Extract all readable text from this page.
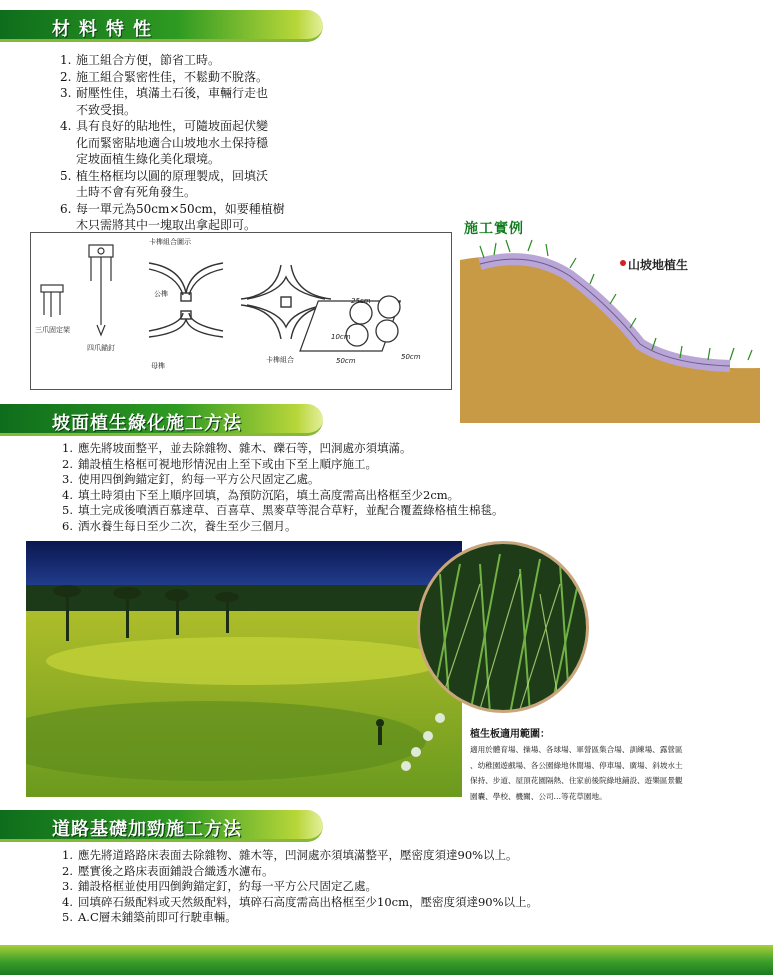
材料特性
1. 施工組合方便，節省工時。
2. 施工組合緊密性佳，不鬆動不脫落。
3. 耐壓性佳，填滿土石後，車輛行走也
不致受損。
4. 具有良好的貼地性，可隨坡面起伏變
化而緊密貼地適合山坡地水土保持穩
定坡面植生綠化美化環境。
5. 植生格框均以圓的原理製成，回填沃
土時不會有死角發生。
6. 每一單元為50cm×50cm，如要種植樹
木只需將其中一塊取出拿起即可。
卡榫組合圖示
三爪固定架
四爪錨釘
公榫
母榫
卡榫組合
25cm
10cm
50cm	50cm
施工實例
山坡地植生
坡面植生綠化施工方法
1. 應先將坡面整平，並去除雜物、雜木、礫石等，凹洞處亦須填滿。
2. 鋪設植生格框可視地形情況由上至下或由下至上順序施工。
3. 使用四倒鉤錨定釘，約每一平方公尺固定乙處。
4. 填土時須由下至上順序回填，為預防沉陷，填土高度需高出格框至少2cm。
5. 填土完成後噴洒百慕達草、百喜草、黑麥草等混合草籽，並配合覆蓋綠格植生棉毯。
6. 洒水養生每日至少二次，養生至少三個月。
植生板適用範圍：
適用於體育場、操場、各球場、軍營區集合場、訓練場、露營區
、幼稚園遊戲場、各公園綠地休閒場、停車場、廣場、斜坡水土
保持、步道、屋頂花園隔熱、住家前後院綠地鋪設、遊樂區景觀
園囊、學校、機關、公司…等花草園地。
道路基礎加勁施工方法
1. 應先將道路路床表面去除雜物、雜木等，凹洞處亦須填滿整平，壓密度須達90%以上。
2. 壓實後之路床表面鋪設合織透水濾布。
3. 鋪設格框並使用四倒鉤錨定釘，約每一平方公尺固定乙處。
4. 回填碎石級配料或天然級配料，填碎石高度需高出格框至少10cm，壓密度須達90%以上。
5. A.C層未鋪築前即可行駛車輛。
